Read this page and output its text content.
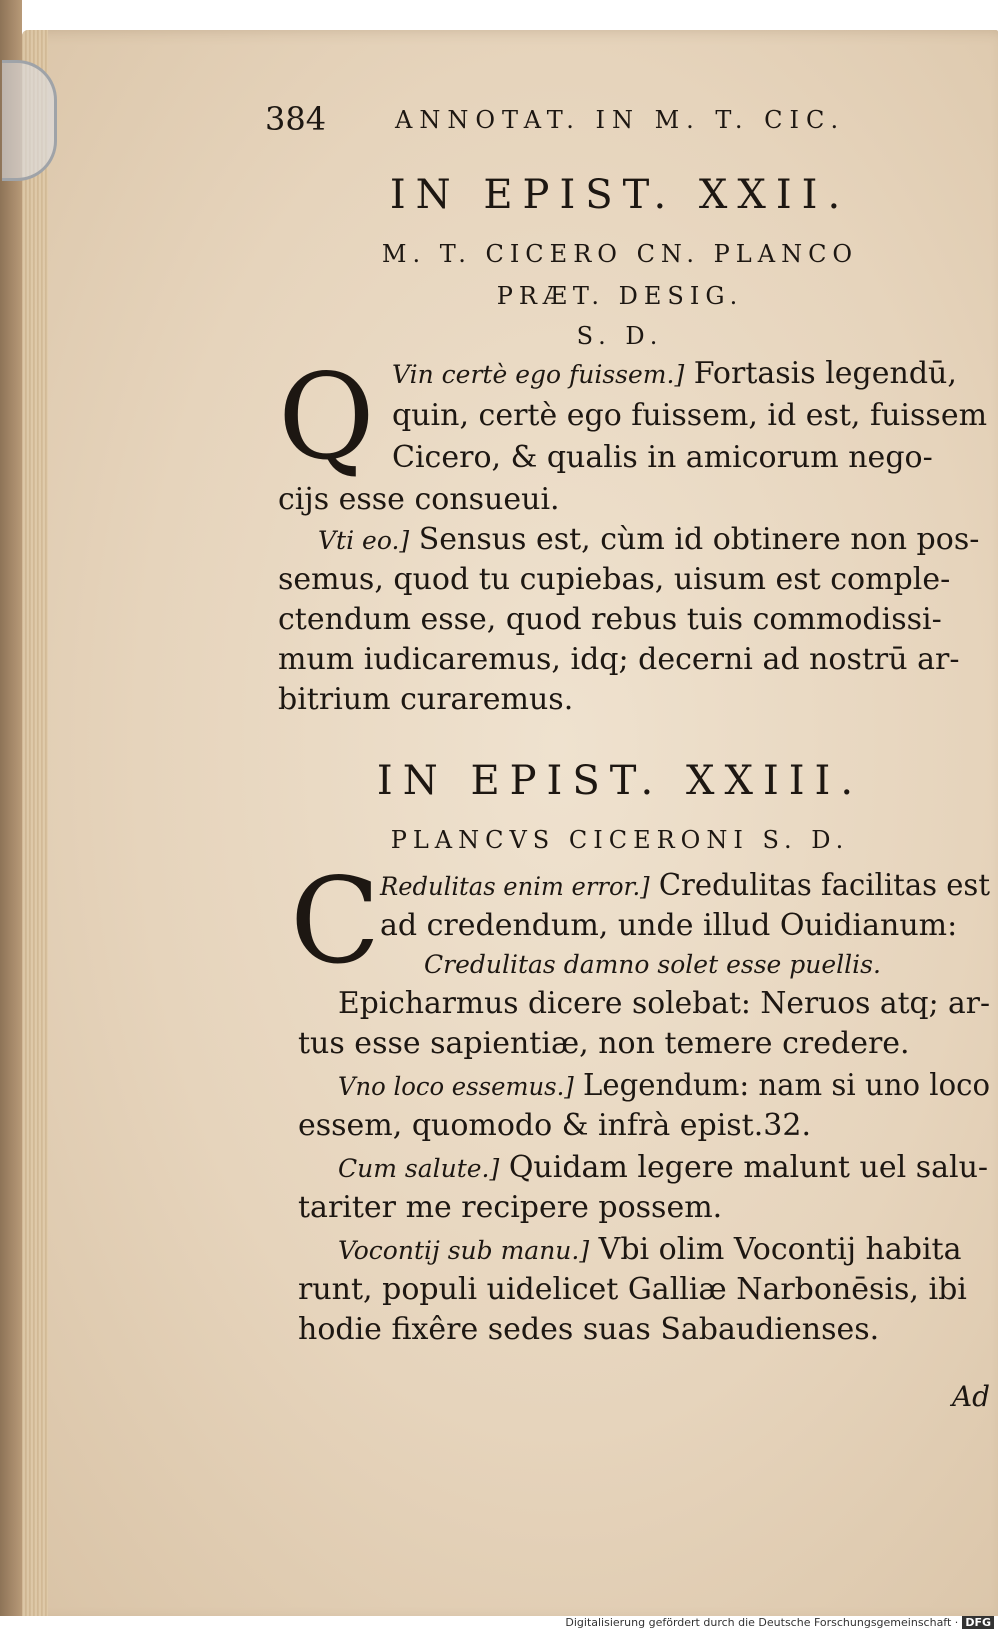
384	ANNOTAT. IN M. T. CIC.
IN EPIST. XXII.
M. T. CICERO CN. PLANCO
PRÆT. DESIG.
S. D.
Q Vin certè ego fuissem.] Fortasis legendū,
quin, certè ego fuissem, id est, fuissem
Cicero, & qualis in amicorum nego-
cijs esse consueui.
Vti eo.] Sensus est, cùm id obtinere non pos-
semus, quod tu cupiebas, uisum est comple-
ctendum esse, quod rebus tuis commodissi-
mum iudicaremus, idq; decerni ad nostrū ar-
bitrium curaremus.
IN EPIST. XXIII.
PLANCVS CICERONI S. D.
C Redulitas enim error.] Credulitas facilitas est
ad credendum, unde illud Ouidianum:
Credulitas damno solet esse puellis.
Epicharmus dicere solebat: Neruos atq; ar-
tus esse sapientiæ, non temere credere.
Vno loco essemus.] Legendum: nam si uno loco
essem, quomodo & infrà epist.32.
Cum salute.] Quidam legere malunt uel salu-
tariter me recipere possem.
Vocontij sub manu.] Vbi olim Vocontij habita
runt, populi uidelicet Galliæ Narbonēsis, ibi
hodie fixêre sedes suas Sabaudienses.
Ad
Digitalisierung gefördert durch die Deutsche Forschungsgemeinschaft · DFG
